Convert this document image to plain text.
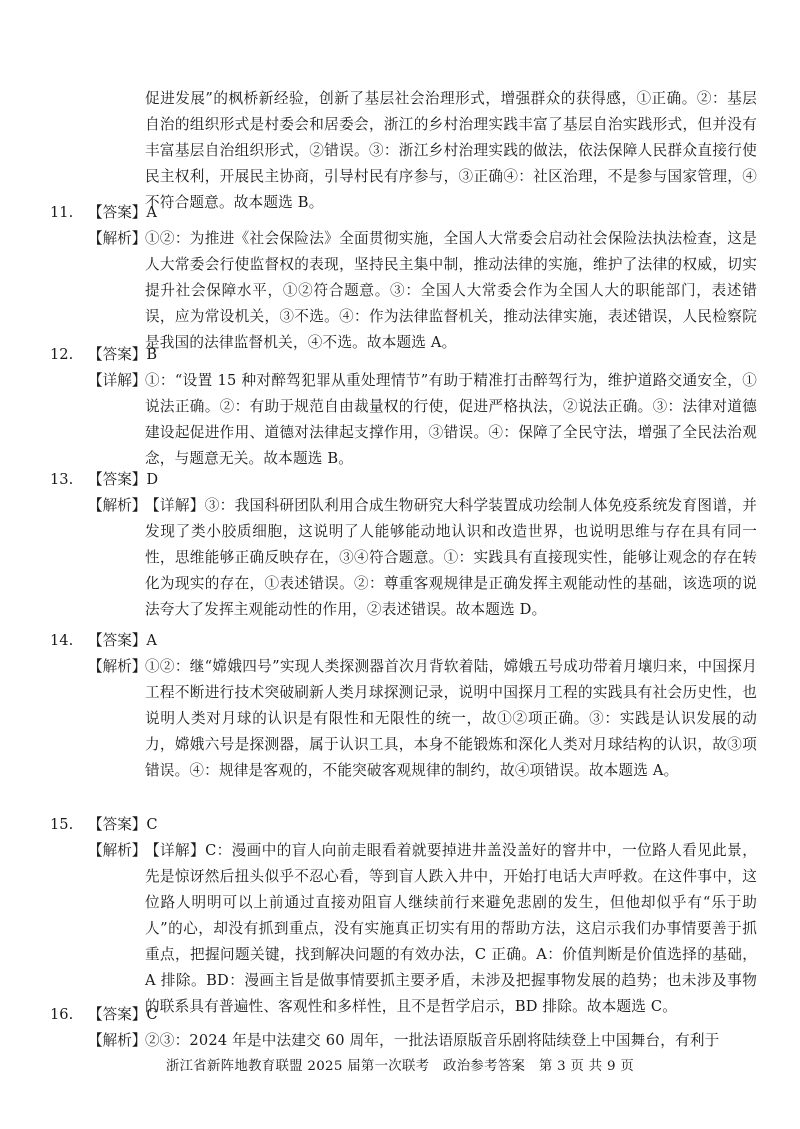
促进发展”的枫桥新经验，创新了基层社会治理形式，增强群众的获得感，①正确。②：基层自治的组织形式是村委会和居委会，浙江的乡村治理实践丰富了基层自治实践形式，但并没有丰富基层自治组织形式，②错误。③：浙江乡村治理实践的做法，依法保障人民群众直接行使民主权利，开展民主协商，引导村民有序参与，③正确④：社区治理，不是参与国家管理，④不符合题意。故本题选 B。
11.	【答案】A
【解析】
①②：为推进《社会保险法》全面贯彻实施，全国人大常委会启动社会保险法执法检查，这是人大常委会行使监督权的表现，坚持民主集中制，推动法律的实施，维护了法律的权威，切实提升社会保障水平，①②符合题意。③：全国人大常委会作为全国人大的职能部门，表述错误，应为常设机关，③不选。④：作为法律监督机关，推动法律实施，表述错误，人民检察院是我国的法律监督机关，④不选。故本题选 A。
12.	【答案】B
【详解】
①：“设置 15 种对醉驾犯罪从重处理情节”有助于精准打击醉驾行为，维护道路交通安全，①说法正确。②：有助于规范自由裁量权的行使，促进严格执法，②说法正确。③：法律对道德建设起促进作用、道德对法律起支撑作用，③错误。④：保障了全民守法，增强了全民法治观念，与题意无关。故本题选 B。
13.	【答案】D
【解析】
【详解】③：我国科研团队利用合成生物研究大科学装置成功绘制人体免疫系统发育图谱，并发现了类小胶质细胞，这说明了人能够能动地认识和改造世界，也说明思维与存在具有同一性，思维能够正确反映存在，③④符合题意。①：实践具有直接现实性，能够让观念的存在转化为现实的存在，①表述错误。②：尊重客观规律是正确发挥主观能动性的基础，该选项的说法夸大了发挥主观能动性的作用，②表述错误。故本题选 D。
14.	【答案】A
【解析】
①②：继“嫦娥四号”实现人类探测器首次月背软着陆，嫦娥五号成功带着月壤归来，中国探月工程不断进行技术突破刷新人类月球探测记录，说明中国探月工程的实践具有社会历史性，也说明人类对月球的认识是有限性和无限性的统一，故①②项正确。③：实践是认识发展的动力，嫦娥六号是探测器，属于认识工具，本身不能锻炼和深化人类对月球结构的认识，故③项错误。④：规律是客观的，不能突破客观规律的制约，故④项错误。故本题选 A。
15.	【答案】C
【解析】
【详解】C：漫画中的盲人向前走眼看着就要掉进井盖没盖好的窨井中，一位路人看见此景，先是惊讶然后扭头似乎不忍心看，等到盲人跌入井中，开始打电话大声呼救。在这件事中，这位路人明明可以上前通过直接劝阻盲人继续前行来避免悲剧的发生，但他却似乎有“乐于助人”的心，却没有抓到重点，没有实施真正切实有用的帮助方法，这启示我们办事情要善于抓重点，把握问题关键，找到解决问题的有效办法，C 正确。A：价值判断是价值选择的基础，A 排除。BD：漫画主旨是做事情要抓主要矛盾，未涉及把握事物发展的趋势；也未涉及事物的联系具有普遍性、客观性和多样性，且不是哲学启示，BD 排除。故本题选 C。
16.	【答案】C
【解析】
②③：2024 年是中法建交 60 周年，一批法语原版音乐剧将陆续登上中国舞台，有利于
浙江省新阵地教育联盟 2025 届第一次联考　政治参考答案　第 3 页 共 9 页
